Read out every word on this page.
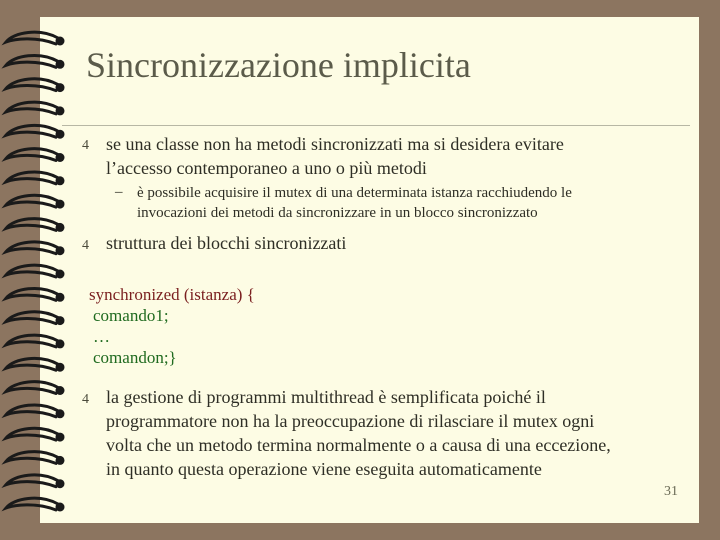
Sincronizzazione implicita
4 se una classe non ha metodi sincronizzati ma si desidera evitare
l’accesso contemporaneo a uno o più metodi
– è possibile acquisire il mutex di una determinata istanza racchiudendo le
invocazioni dei metodi da sincronizzare in un blocco sincronizzato
4 struttura dei blocchi sincronizzati
synchronized (istanza) {
comando1;
…
comandon;}
4 la gestione di programmi multithread è semplificata poiché il
programmatore non ha la preoccupazione di rilasciare il mutex ogni
volta che un metodo termina normalmente o a causa di una eccezione,
in quanto questa operazione viene eseguita automaticamente
31
